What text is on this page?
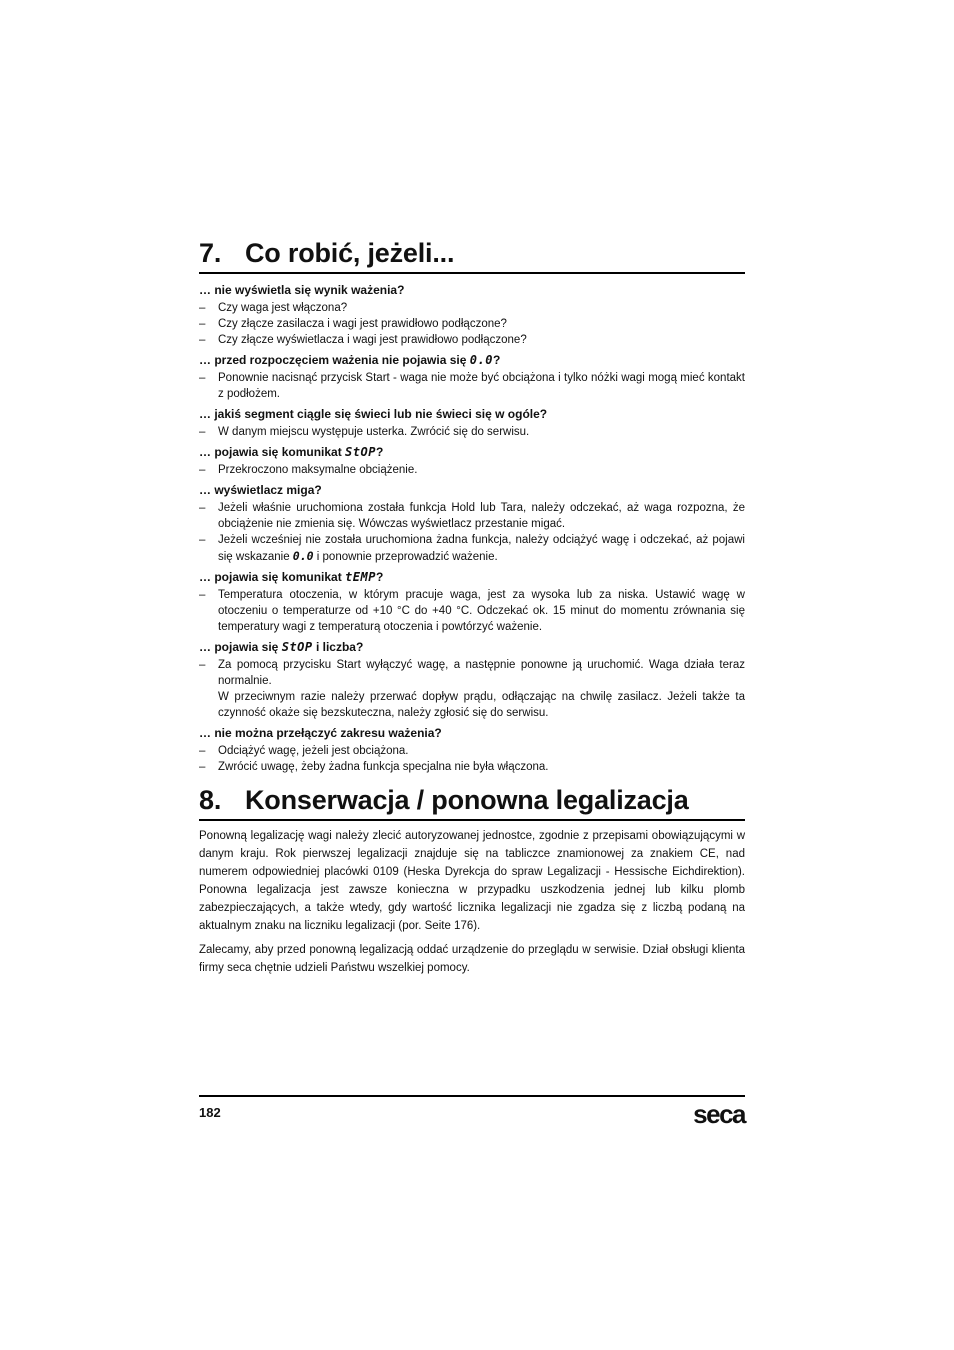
7. Co robić, jeżeli...
… nie wyświetla się wynik ważenia?
– Czy waga jest włączona?
– Czy złącze zasilacza i wagi jest prawidłowo podłączone?
– Czy złącze wyświetlacza i wagi jest prawidłowo podłączone?
… przed rozpoczęciem ważenia nie pojawia się 0.0?
– Ponownie nacisnąć przycisk Start - waga nie może być obciążona i tylko nóżki wagi mogą mieć kontakt z podłożem.
… jakiś segment ciągle się świeci lub nie świeci się w ogóle?
– W danym miejscu występuje usterka. Zwrócić się do serwisu.
… pojawia się komunikat StOP?
– Przekroczono maksymalne obciążenie.
… wyświetlacz miga?
– Jeżeli właśnie uruchomiona została funkcja Hold lub Tara, należy odczekać, aż waga rozpozna, że obciążenie nie zmienia się. Wówczas wyświetlacz przestanie migać.
– Jeżeli wcześniej nie została uruchomiona żadna funkcja, należy odciążyć wagę i odczekać, aż pojawi się wskazanie 0.0 i ponownie przeprowadzić ważenie.
… pojawia się komunikat tEMP?
– Temperatura otoczenia, w którym pracuje waga, jest za wysoka lub za niska. Ustawić wagę w otoczeniu o temperaturze od +10 °C do +40 °C. Odczekać ok. 15 minut do momentu zrównania się temperatury wagi z temperaturą otoczenia i powtórzyć ważenie.
… pojawia się StOP i liczba?
– Za pomocą przycisku Start wyłączyć wagę, a następnie ponowne ją uruchomić. Waga działa teraz normalnie.
W przeciwnym razie należy przerwać dopływ prądu, odłączając na chwilę zasilacz. Jeżeli także ta czynność okaże się bezskuteczna, należy zgłosić się do serwisu.
… nie można przełączyć zakresu ważenia?
– Odciążyć wagę, jeżeli jest obciążona.
– Zwrócić uwagę, żeby żadna funkcja specjalna nie była włączona.
8. Konserwacja / ponowna legalizacja

Ponowną legalizację wagi należy zlecić autoryzowanej jednostce, zgodnie z przepisami obowiązującymi w danym kraju. Rok pierwszej legalizacji znajduje się na tabliczce znamionowej za znakiem CE, nad numerem odpowiedniej placówki 0109 (Heska Dyrekcja do spraw Legalizacji - Hessische Eichdirektion). Ponowna legalizacja jest zawsze konieczna w przypadku uszkodzenia jednej lub kilku plomb zabezpieczających, a także wtedy, gdy wartość licznika legalizacji nie zgadza się z liczbą podaną na aktualnym znaku na liczniku legalizacji (por. Seite 176).

Zalecamy, aby przed ponowną legalizacją oddać urządzenie do przeglądu w serwisie. Dział obsługi klienta firmy seca chętnie udzieli Państwu wszelkiej pomocy.

182	seca
